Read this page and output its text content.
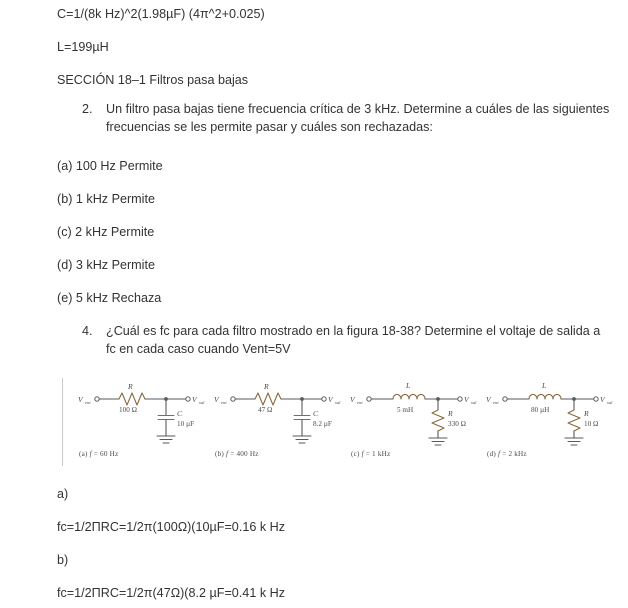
C=1/(8k Hz)^2(1.98µF) (4π^2+0.025)
L=199µH
SECCIÓN 18–1 Filtros pasa bajas
2.	Un filtro pasa bajas tiene frecuencia crítica de 3 kHz. Determine a cuáles de las siguientes frecuencias se les permite pasar y cuáles son rechazadas:
(a) 100 Hz Permite
(b) 1 kHz Permite
(c) 2 kHz Permite
(d) 3 kHz Permite
(e) 5 kHz Rechaza
4.	¿Cuál es fc para cada filtro mostrado en la figura 18-38? Determine el voltaje de salida a fc en cada caso cuando Vent=5V
V ent	V sal
R
100 Ω	C
10 µF
(a) f = 60 Hz
V ent	V sal
R
47 Ω	C
8.2 µF
(b) f = 400 Hz
V ent	V sal
L
5 mH	R
330 Ω
(c) f = 1 kHz
V ent	V sal
L
80 µH	R
10 Ω
(d) f = 2 kHz
a)
fc=1/2ΠRC=1/2π(100Ω)(10µF=0.16 k Hz
b)
fc=1/2ΠRC=1/2π(47Ω)(8.2 µF=0.41 k Hz
